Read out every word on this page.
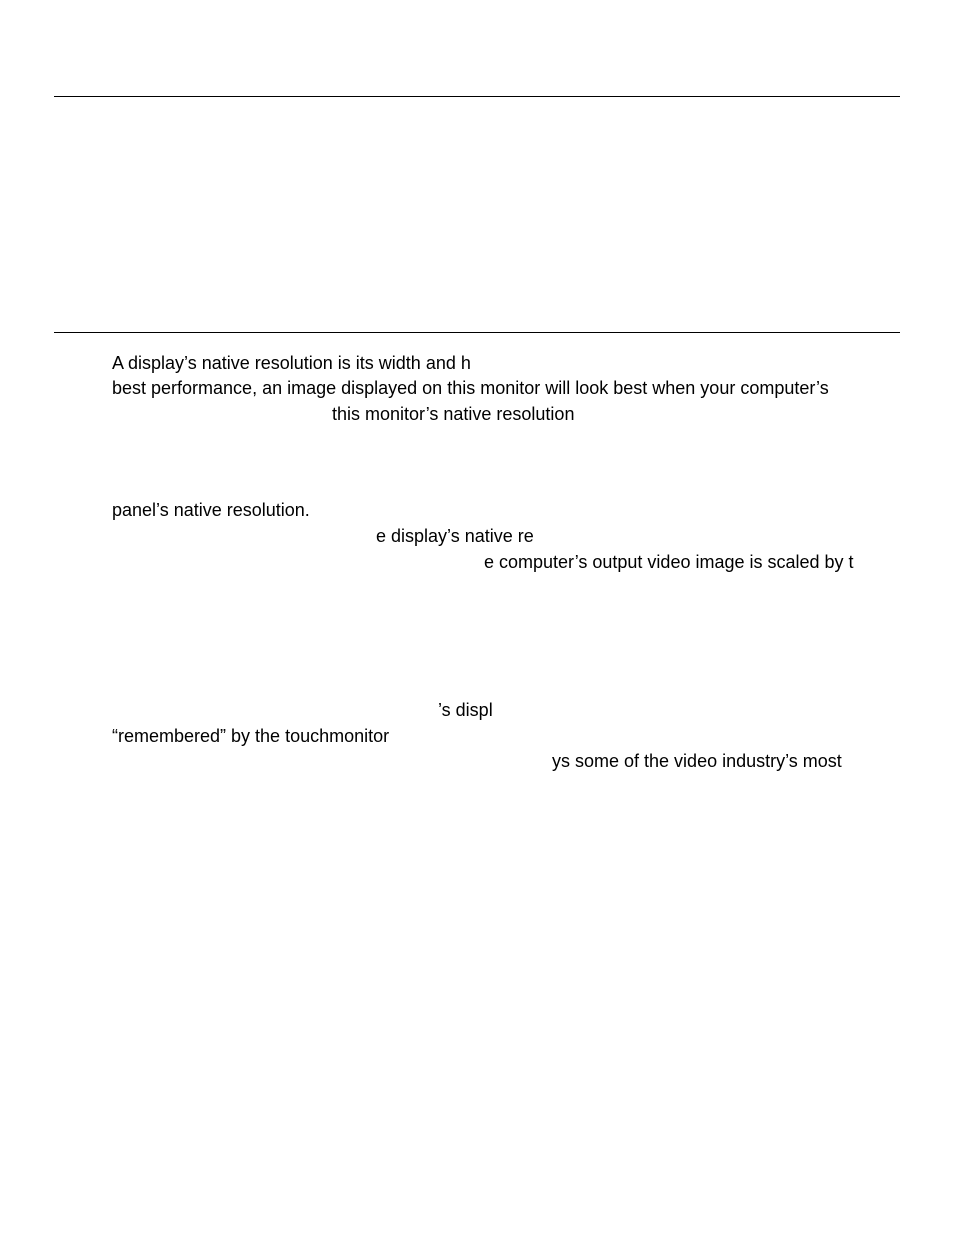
A display’s native resolution is its width and h
best performance, an image displayed on this monitor will look best when your computer’s
this monitor’s native resolution
panel’s native resolution.
e display’s native re
e computer’s output video image is scaled by t
’s displ
“remembered” by the touchmonitor
ys some of the video industry’s most
